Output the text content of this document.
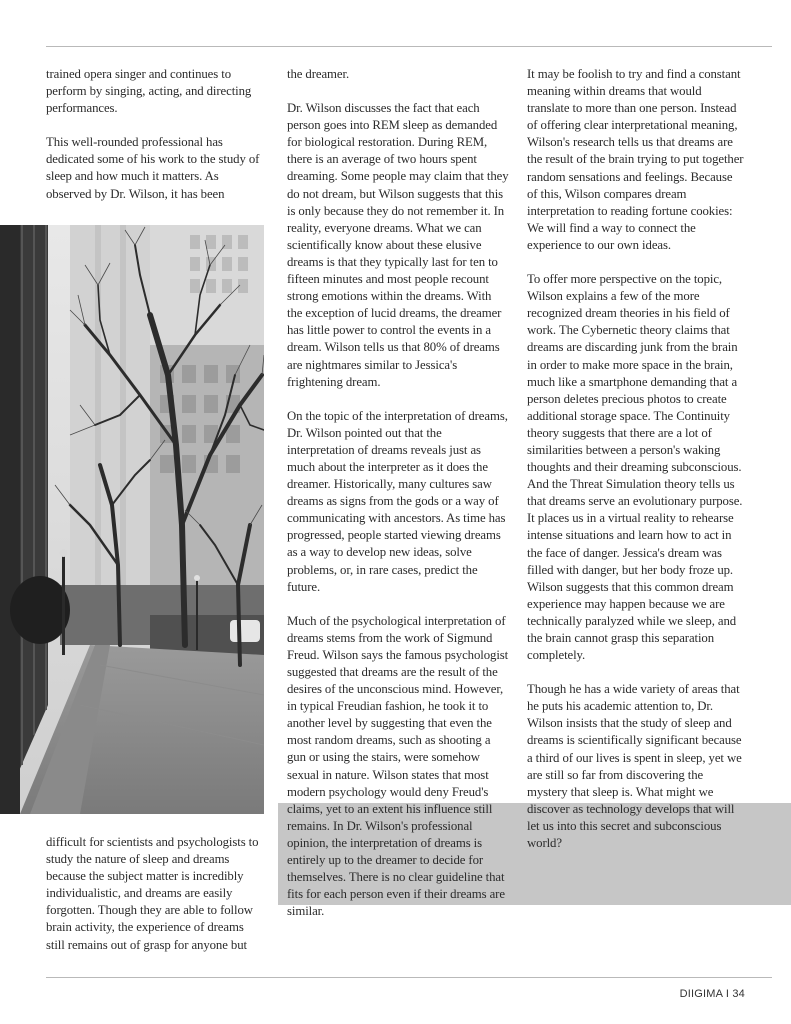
trained opera singer and continues to perform by singing, acting, and directing performances.

This well-rounded professional has dedicated some of his work to the study of sleep and how much it matters. As observed by Dr. Wilson, it has been

difficult for scientists and psychologists to study the nature of sleep and dreams because the subject matter is incredibly individualistic, and dreams are easily forgotten. Though they are able to follow brain activity, the experience of dreams still remains out of grasp for anyone but

the dreamer.

Dr. Wilson discusses the fact that each person goes into REM sleep as demanded for biological restoration. During REM, there is an average of two hours spent dreaming. Some people may claim that they do not dream, but Wilson suggests that this is only because they do not remember it. In reality, everyone dreams. What we can scientifically know about these elusive dreams is that they typically last for ten to fifteen minutes and most people recount strong emotions within the dreams. With the exception of lucid dreams, the dreamer has little power to control the events in a dream. Wilson tells us that 80% of dreams are nightmares similar to Jessica's frightening dream.

On the topic of the interpretation of dreams, Dr. Wilson pointed out that the interpretation of dreams reveals just as much about the interpreter as it does the dreamer. Historically, many cultures saw dreams as signs from the gods or a way of communicating with ancestors. As time has progressed, people started viewing dreams as a way to develop new ideas, solve problems, or, in rare cases, predict the future.

Much of the psychological interpretation of dreams stems from the work of Sigmund Freud. Wilson says the famous psychologist suggested that dreams are the result of the desires of the unconscious mind. However, in typical Freudian fashion, he took it to another level by suggesting that even the most random dreams, such as shooting a gun or using the stairs, were somehow sexual in nature. Wilson states that most modern psychology would deny Freud's claims, yet to an extent his influence still remains. In Dr. Wilson's professional opinion, the interpretation of dreams is entirely up to the dreamer to decide for themselves. There is no clear guideline that fits for each person even if their dreams are similar.

It may be foolish to try and find a constant meaning within dreams that would translate to more than one person. Instead of offering clear interpretational meaning, Wilson's research tells us that dreams are the result of the brain trying to put together random sensations and feelings. Because of this, Wilson compares dream interpretation to reading fortune cookies: We will find a way to connect the experience to our own ideas.

To offer more perspective on the topic, Wilson explains a few of the more recognized dream theories in his field of work. The Cybernetic theory claims that dreams are discarding junk from the brain in order to make more space in the brain, much like a smartphone demanding that a person deletes precious photos to create additional storage space. The Continuity theory suggests that there are a lot of similarities between a person's waking thoughts and their dreaming subconscious. And the Threat Simulation theory tells us that dreams serve an evolutionary purpose. It places us in a virtual reality to rehearse intense situations and learn how to act in the face of danger. Jessica's dream was filled with danger, but her body froze up. Wilson suggests that this common dream experience may happen because we are technically paralyzed while we sleep, and the brain cannot grasp this separation completely.

Though he has a wide variety of areas that he puts his academic attention to, Dr. Wilson insists that the study of sleep and dreams is scientifically significant because a third of our lives is spent in sleep, yet we are still so far from discovering the mystery that sleep is. What might we discover as technology develops that will let us into this secret and subconscious world?

DIIGIMA I 34
